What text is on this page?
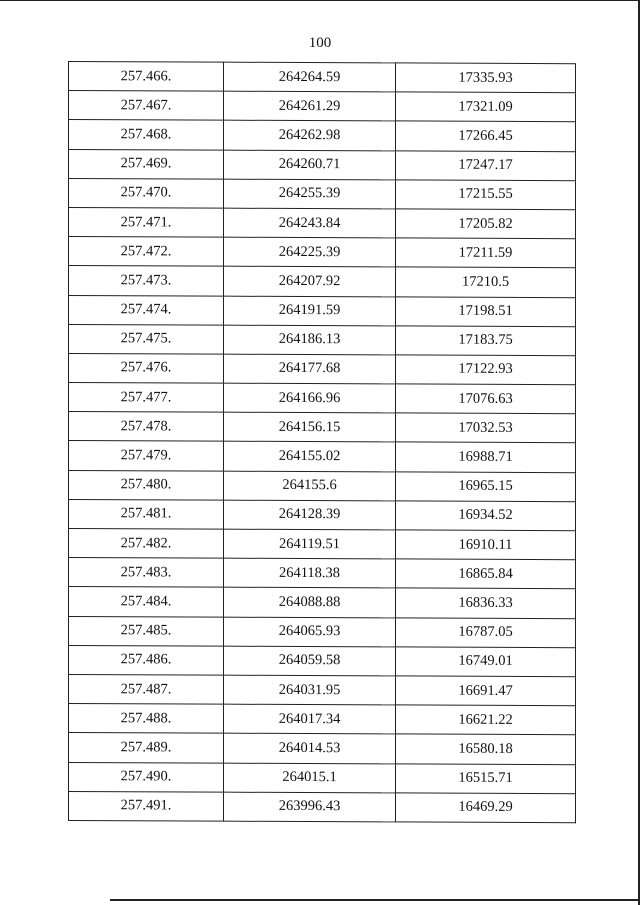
100
257.466.	264264.59	17335.93
257.467.	264261.29	17321.09
257.468.	264262.98	17266.45
257.469.	264260.71	17247.17
257.470.	264255.39	17215.55
257.471.	264243.84	17205.82
257.472.	264225.39	17211.59
257.473.	264207.92	17210.5
257.474.	264191.59	17198.51
257.475.	264186.13	17183.75
257.476.	264177.68	17122.93
257.477.	264166.96	17076.63
257.478.	264156.15	17032.53
257.479.	264155.02	16988.71
257.480.	264155.6	16965.15
257.481.	264128.39	16934.52
257.482.	264119.51	16910.11
257.483.	264118.38	16865.84
257.484.	264088.88	16836.33
257.485.	264065.93	16787.05
257.486.	264059.58	16749.01
257.487.	264031.95	16691.47
257.488.	264017.34	16621.22
257.489.	264014.53	16580.18
257.490.	264015.1	16515.71
257.491.	263996.43	16469.29
